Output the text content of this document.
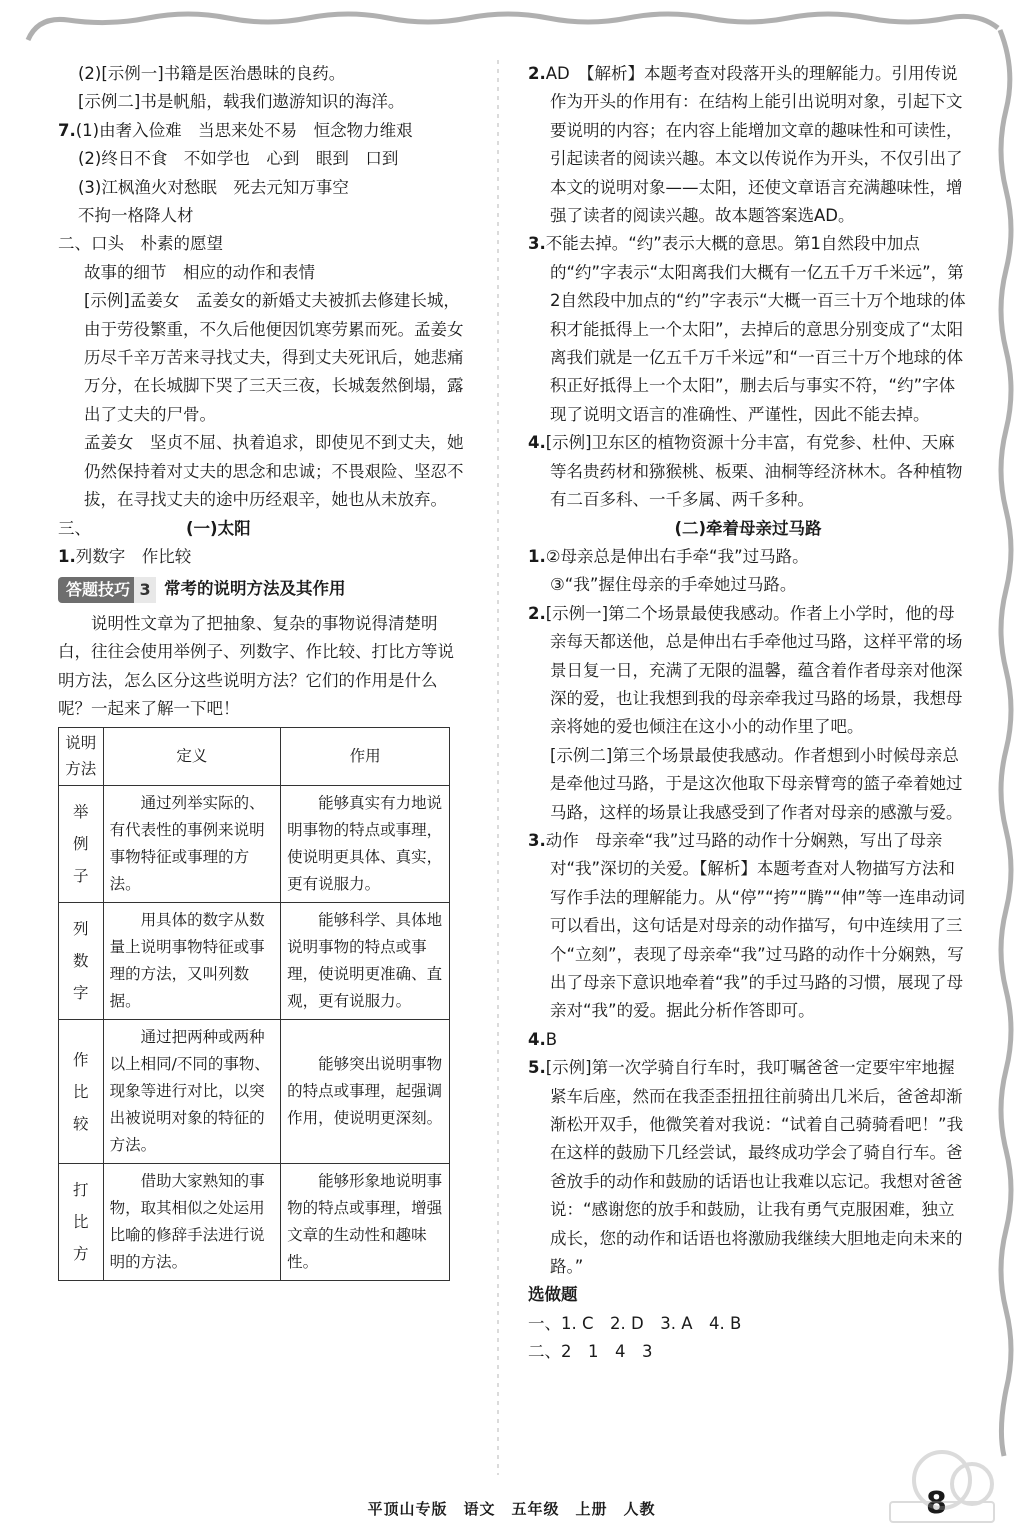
(2)[示例一]书籍是医治愚昧的良药。

[示例二]书是帆船，载我们遨游知识的海洋。

7.(1)由奢入俭难　当思来处不易　恒念物力维艰

(2)终日不食　不如学也　心到　眼到　口到

(3)江枫渔火对愁眠　死去元知万事空

不拘一格降人材

二、口头　朴素的愿望

故事的细节　相应的动作和表情

[示例]孟姜女　孟姜女的新婚丈夫被抓去修建长城，由于劳役繁重，不久后他便因饥寒劳累而死。孟姜女历尽千辛万苦来寻找丈夫，得到丈夫死讯后，她悲痛万分，在长城脚下哭了三天三夜，长城轰然倒塌，露出了丈夫的尸骨。

孟姜女　坚贞不屈、执着追求，即使见不到丈夫，她仍然保持着对丈夫的思念和忠诚；不畏艰险、坚忍不拔，在寻找丈夫的途中历经艰辛，她也从未放弃。

三、	(一)太阳

1.列数字　作比较

答题技巧 3 常考的说明方法及其作用

说明性文章为了把抽象、复杂的事物说得清楚明白，往往会使用举例子、列数字、作比较、打比方等说明方法，怎么区分这些说明方法？它们的作用是什么呢？一起来了解一下吧！

说明方法	定义	作用
举例子	通过列举实际的、有代表性的事例来说明事物特征或事理的方法。	能够真实有力地说明事物的特点或事理，使说明更具体、真实，更有说服力。
列数字	用具体的数字从数量上说明事物特征或事理的方法，又叫列数据。	能够科学、具体地说明事物的特点或事理，使说明更准确、直观，更有说服力。
作比较	通过把两种或两种以上相同/不同的事物、现象等进行对比，以突出被说明对象的特征的方法。	能够突出说明事物的特点或事理，起强调作用，使说明更深刻。
打比方	借助大家熟知的事物，取其相似之处运用比喻的修辞手法进行说明的方法。	能够形象地说明事物的特点或事理，增强文章的生动性和趣味性。

2.AD　【解析】本题考查对段落开头的理解能力。引用传说作为开头的作用有：在结构上能引出说明对象，引起下文要说明的内容；在内容上能增加文章的趣味性和可读性，引起读者的阅读兴趣。本文以传说作为开头，不仅引出了本文的说明对象——太阳，还使文章语言充满趣味性，增强了读者的阅读兴趣。故本题答案选AD。

3.不能去掉。“约”表示大概的意思。第1自然段中加点的“约”字表示“太阳离我们大概有一亿五千万千米远”，第2自然段中加点的“约”字表示“大概一百三十万个地球的体积才能抵得上一个太阳”，去掉后的意思分别变成了“太阳离我们就是一亿五千万千米远”和“一百三十万个地球的体积正好抵得上一个太阳”，删去后与事实不符，“约”字体现了说明文语言的准确性、严谨性，因此不能去掉。

4.[示例]卫东区的植物资源十分丰富，有党参、杜仲、天麻等名贵药材和猕猴桃、板栗、油桐等经济林木。各种植物有二百多科、一千多属、两千多种。

(二)牵着母亲过马路

1.②母亲总是伸出右手牵“我”过马路。

③“我”握住母亲的手牵她过马路。

2.[示例一]第二个场景最使我感动。作者上小学时，他的母亲每天都送他，总是伸出右手牵他过马路，这样平常的场景日复一日，充满了无限的温馨，蕴含着作者母亲对他深深的爱，也让我想到我的母亲牵我过马路的场景，我想母亲将她的爱也倾注在这小小的动作里了吧。

[示例二]第三个场景最使我感动。作者想到小时候母亲总是牵他过马路，于是这次他取下母亲臂弯的篮子牵着她过马路，这样的场景让我感受到了作者对母亲的感激与爱。

3.动作　母亲牵“我”过马路的动作十分娴熟，写出了母亲对“我”深切的关爱。【解析】本题考查对人物描写方法和写作手法的理解能力。从“停”“挎”“腾”“伸”等一连串动词可以看出，这句话是对母亲的动作描写，句中连续用了三个“立刻”，表现了母亲牵“我”过马路的动作十分娴熟，写出了母亲下意识地牵着“我”的手过马路的习惯，展现了母亲对“我”的爱。据此分析作答即可。

4.B

5.[示例]第一次学骑自行车时，我叮嘱爸爸一定要牢牢地握紧车后座，然而在我歪歪扭扭往前骑出几米后，爸爸却渐渐松开双手，他微笑着对我说：“试着自己骑骑看吧！”我在这样的鼓励下几经尝试，最终成功学会了骑自行车。爸爸放手的动作和鼓励的话语也让我难以忘记。我想对爸爸说：“感谢您的放手和鼓励，让我有勇气克服困难，独立成长，您的动作和话语也将激励我继续大胆地走向未来的路。”

选做题

一、1. C　2. D　3. A　4. B

二、2　1　4　3

平顶山专版　语文　五年级　上册　人教	8
